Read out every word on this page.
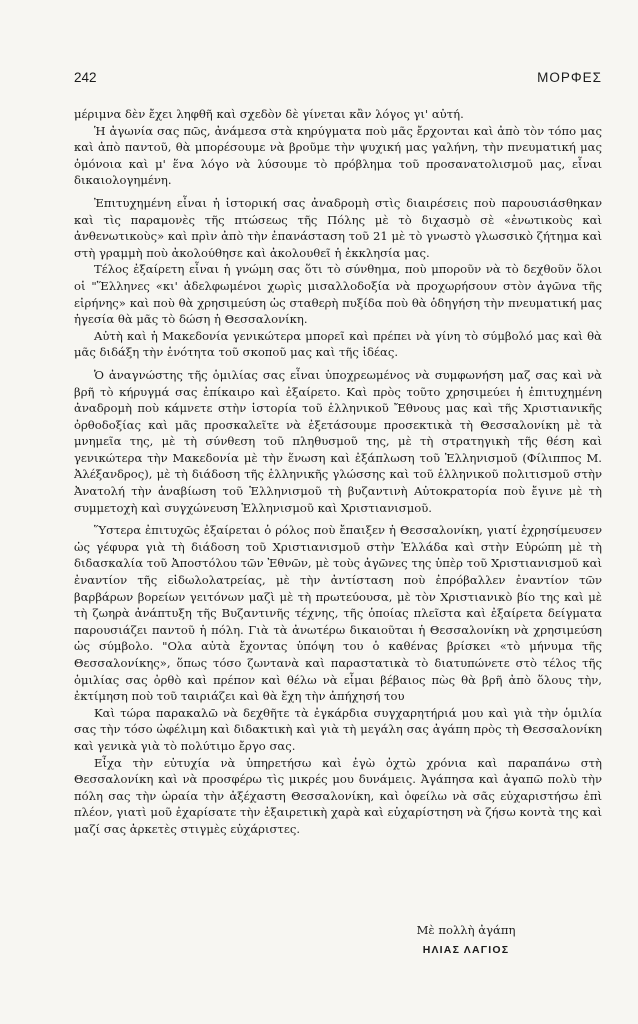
242	ΜΟΡΦΕΣ

μέριμνα δὲν ἔχει ληφθῆ καὶ σχεδὸν δὲ γίνεται κἂν λόγος γι' αὐτή.

Ἡ ἀγωνία σας πῶς, ἀνάμεσα στὰ κηρύγματα ποὺ μᾶς ἔρχονται καὶ ἀπὸ τὸν τόπο μας καὶ ἀπὸ παντοῦ, θὰ μπορέσουμε νὰ βροῦμε τὴν ψυχική μας γαλήνη, τὴν πνευματική μας ὁμόνοια καὶ μ' ἕνα λόγο νὰ λύσουμε τὸ πρόβλημα τοῦ προσανατολισμοῦ μας, εἶναι δικαιολογημένη.

Ἐπιτυχημένη εἶναι ἡ ἱστορική σας ἀναδρομὴ στὶς διαιρέσεις ποὺ παρουσιάσθηκαν καὶ τὶς παραμονὲς τῆς πτώσεως τῆς Πόλης μὲ τὸ διχασμὸ σὲ «ἑνωτικοὺς καὶ ἀνθενωτικοὺς» καὶ πρὶν ἀπὸ τὴν ἐπανάσταση τοῦ 21 μὲ τὸ γνωστὸ γλωσσικὸ ζήτημα καὶ στὴ γραμμὴ ποὺ ἀκολούθησε καὶ ἀκολουθεῖ ἡ ἐκκλησία μας.

Τέλος ἐξαίρετη εἶναι ἡ γνώμη σας ὅτι τὸ σύνθημα, ποὺ μποροῦν νὰ τὸ δεχθοῦν ὅλοι οἱ "Ἕλληνες «κι' ἀδελφωμένοι χωρὶς μισαλλοδοξία νὰ προχωρήσουν στὸν ἀγῶνα τῆς εἰρήνης» καὶ ποὺ θὰ χρησιμεύση ὡς σταθερὴ πυξίδα ποὺ θὰ ὁδηγήση τὴν πνευματική μας ἡγεσία θὰ μᾶς τὸ δώση ἡ Θεσσαλονίκη.

Αὐτὴ καὶ ἡ Μακεδονία γενικώτερα μπορεῖ καὶ πρέπει νὰ γίνη τὸ σύμβολό μας καὶ θὰ μᾶς διδάξη τὴν ἑνότητα τοῦ σκοποῦ μας καὶ τῆς ἰδέας.

Ὁ ἀναγνώστης τῆς ὁμιλίας σας εἶναι ὑποχρεωμένος νὰ συμφωνήση μαζ σας καὶ νὰ βρῆ τὸ κήρυγμά σας ἐπίκαιρο καὶ ἐξαίρετο. Καὶ πρὸς τοῦτο χρησιμεύει ἡ ἐπιτυχημένη ἀναδρομὴ ποὺ κάμνετε στὴν ἱστορία τοῦ ἑλληνικοῦ Ἔθνους μας καὶ τῆς Χριστιανικῆς ὀρθοδοξίας καὶ μᾶς προσκαλεῖτε νὰ ἐξετάσουμε προσεκτικὰ τὴ Θεσσαλονίκη μὲ τὰ μνημεῖα της, μὲ τὴ σύνθεση τοῦ πληθυσμοῦ της, μὲ τὴ στρατηγικὴ τῆς θέση καὶ γενικώτερα τὴν Μακεδονία μὲ τὴν ἕνωση καὶ ἐξάπλωση τοῦ Ἑλληνισμοῦ (Φίλιππος Μ. Ἀλέξανδρος), μὲ τὴ διάδοση τῆς ἑλληνικῆς γλώσσης καὶ τοῦ ἑλληνικοῦ πολιτισμοῦ στὴν Ἀνατολή τὴν ἀναβίωση τοῦ Ἑλληνισμοῦ τὴ βυζαντινὴ Αὐτοκρατορία ποὺ ἔγινε μὲ τὴ συμμετοχὴ καὶ συγχώνευση Ἑλληνισμοῦ καὶ Χριστιανισμοῦ.

Ὕστερα ἐπιτυχῶς ἐξαίρεται ὁ ρόλος ποὺ ἔπαιξεν ἡ Θεσσαλονίκη, γιατί ἐχρησίμευσεν ὡς γέφυρα γιὰ τὴ διάδοση τοῦ Χριστιανισμοῦ στὴν Ἑλλάδα καὶ στὴν Εὐρώπη μὲ τὴ διδασκαλία τοῦ Ἀποστόλου τῶν Ἐθνῶν, μὲ τοὺς ἀγῶνες της ὑπὲρ τοῦ Χριστιανισμοῦ καὶ ἐναντίον τῆς εἰδωλολατρείας, μὲ τὴν ἀντίσταση ποὺ ἐπρόβαλλεν ἐναντίον τῶν βαρβάρων βορείων γειτόνων μαζὶ μὲ τὴ πρωτεύουσα, μὲ τὸν Χριστιανικὸ βίο της καὶ μὲ τὴ ζωηρὰ ἀνάπτυξη τῆς Βυζαντινῆς τέχνης, τῆς ὁποίας πλεῖστα καὶ ἐξαίρετα δείγματα παρουσιάζει παντοῦ ἡ πόλη. Γιὰ τὰ ἀνωτέρω δικαιοῦται ἡ Θεσσαλονίκη νὰ χρησιμεύση ὡς σύμβολο. "Ολα αὐτὰ ἔχοντας ὑπόψη του ὁ καθένας βρίσκει «τὸ μήνυμα τῆς Θεσσαλονίκης», ὅπως τόσο ζωντανὰ καὶ παραστατικὰ τὸ διατυπώνετε στὸ τέλος τῆς ὁμιλίας σας ὀρθὸ καὶ πρέπον καὶ θέλω νὰ εἶμαι βέβαιος πὼς θὰ βρῆ ἀπὸ ὅλους τὴν, ἐκτίμηση ποὺ τοῦ ταιριάζει καὶ θὰ ἔχη τὴν ἀπήχησή του

Καὶ τώρα παρακαλῶ νὰ δεχθῆτε τὰ ἐγκάρδια συγχαρητήριά μου καὶ γιὰ τὴν ὁμιλία σας τὴν τόσο ὠφέλιμη καὶ διδακτικὴ καὶ γιὰ τὴ μεγάλη σας ἀγάπη πρὸς τὴ Θεσσαλονίκη καὶ γενικὰ γιὰ τὸ πολύτιμο ἔργο σας.

Εἶχα τὴν εὐτυχία νὰ ὑπηρετήσω καὶ ἐγὼ ὀχτὼ χρόνια καὶ παραπάνω στὴ Θεσσαλονίκη καὶ νὰ προσφέρω τὶς μικρές μου δυνάμεις. Ἀγάπησα καὶ ἀγαπῶ πολὺ τὴν πόλη σας τὴν ὡραία τὴν ἀξέχαστη Θεσσαλονίκη, καὶ ὀφείλω νὰ σᾶς εὐχαριστήσω ἐπὶ πλέον, γιατὶ μοῦ ἐχαρίσατε τὴν ἐξαιρετικὴ χαρὰ καὶ εὐχαρίστηση νὰ ζήσω κοντὰ της καὶ μαζί σας ἀρκετὲς στιγμὲς εὐχάριστες.

Μὲ πολλὴ ἀγάπη
ΗΛΙΑΣ ΛΑΓΙΟΣ
